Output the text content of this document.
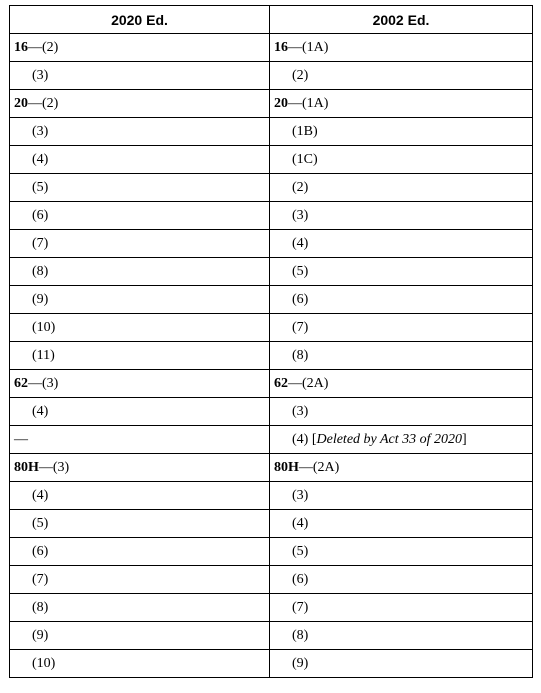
2020 Ed.	2002 Ed.
16—(2)	16—(1A)
(3)	(2)
20—(2)	20—(1A)
(3)	(1B)
(4)	(1C)
(5)	(2)
(6)	(3)
(7)	(4)
(8)	(5)
(9)	(6)
(10)	(7)
(11)	(8)
62—(3)	62—(2A)
(4)	(3)
—	(4) [Deleted by Act 33 of 2020]
80H—(3)	80H—(2A)
(4)	(3)
(5)	(4)
(6)	(5)
(7)	(6)
(8)	(7)
(9)	(8)
(10)	(9)
